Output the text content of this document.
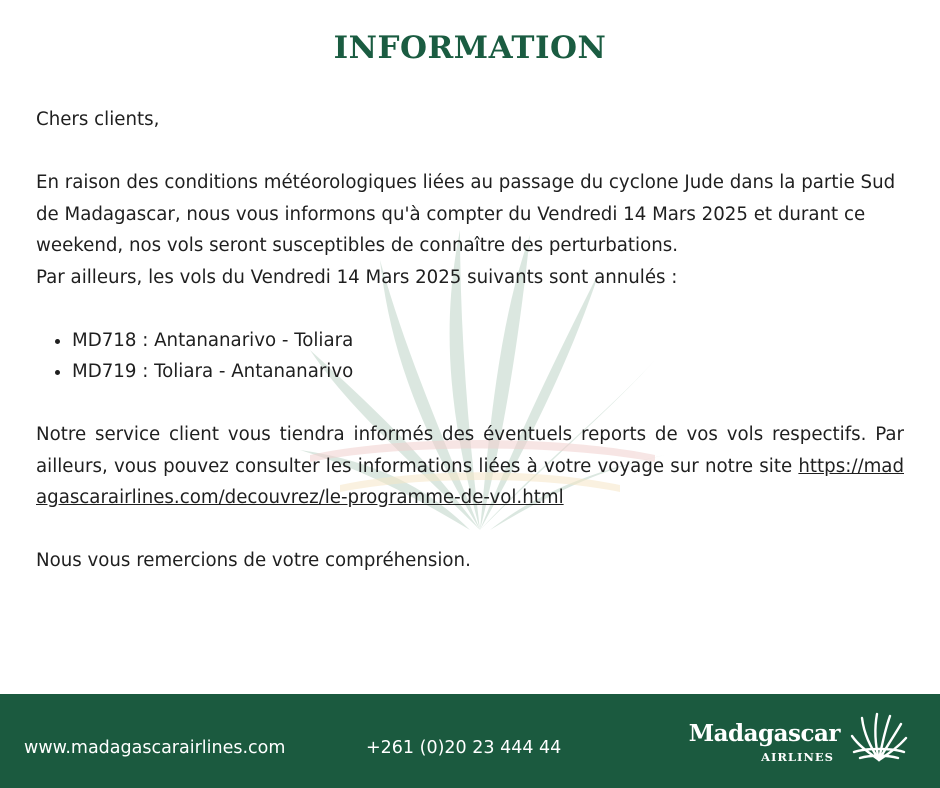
INFORMATION

Chers clients,

En raison des conditions météorologiques liées au passage du cyclone Jude dans la partie Sud de Madagascar, nous vous informons qu'à compter du Vendredi 14 Mars 2025 et durant ce weekend, nos vols seront susceptibles de connaître des perturbations.

Par ailleurs, les vols du Vendredi 14 Mars 2025 suivants sont annulés :

• MD718 : Antananarivo - Toliara
• MD719 : Toliara - Antananarivo

Notre service client vous tiendra informés des éventuels reports de vos vols respectifs. Par ailleurs, vous pouvez consulter les informations liées à votre voyage sur notre site https://madagascarairlines.com/decouvrez/le-programme-de-vol.html

Nous vous remercions de votre compréhension.

www.madagascarairlines.com	+261 (0)20 23 444 44
Madagascar
AIRLINES
